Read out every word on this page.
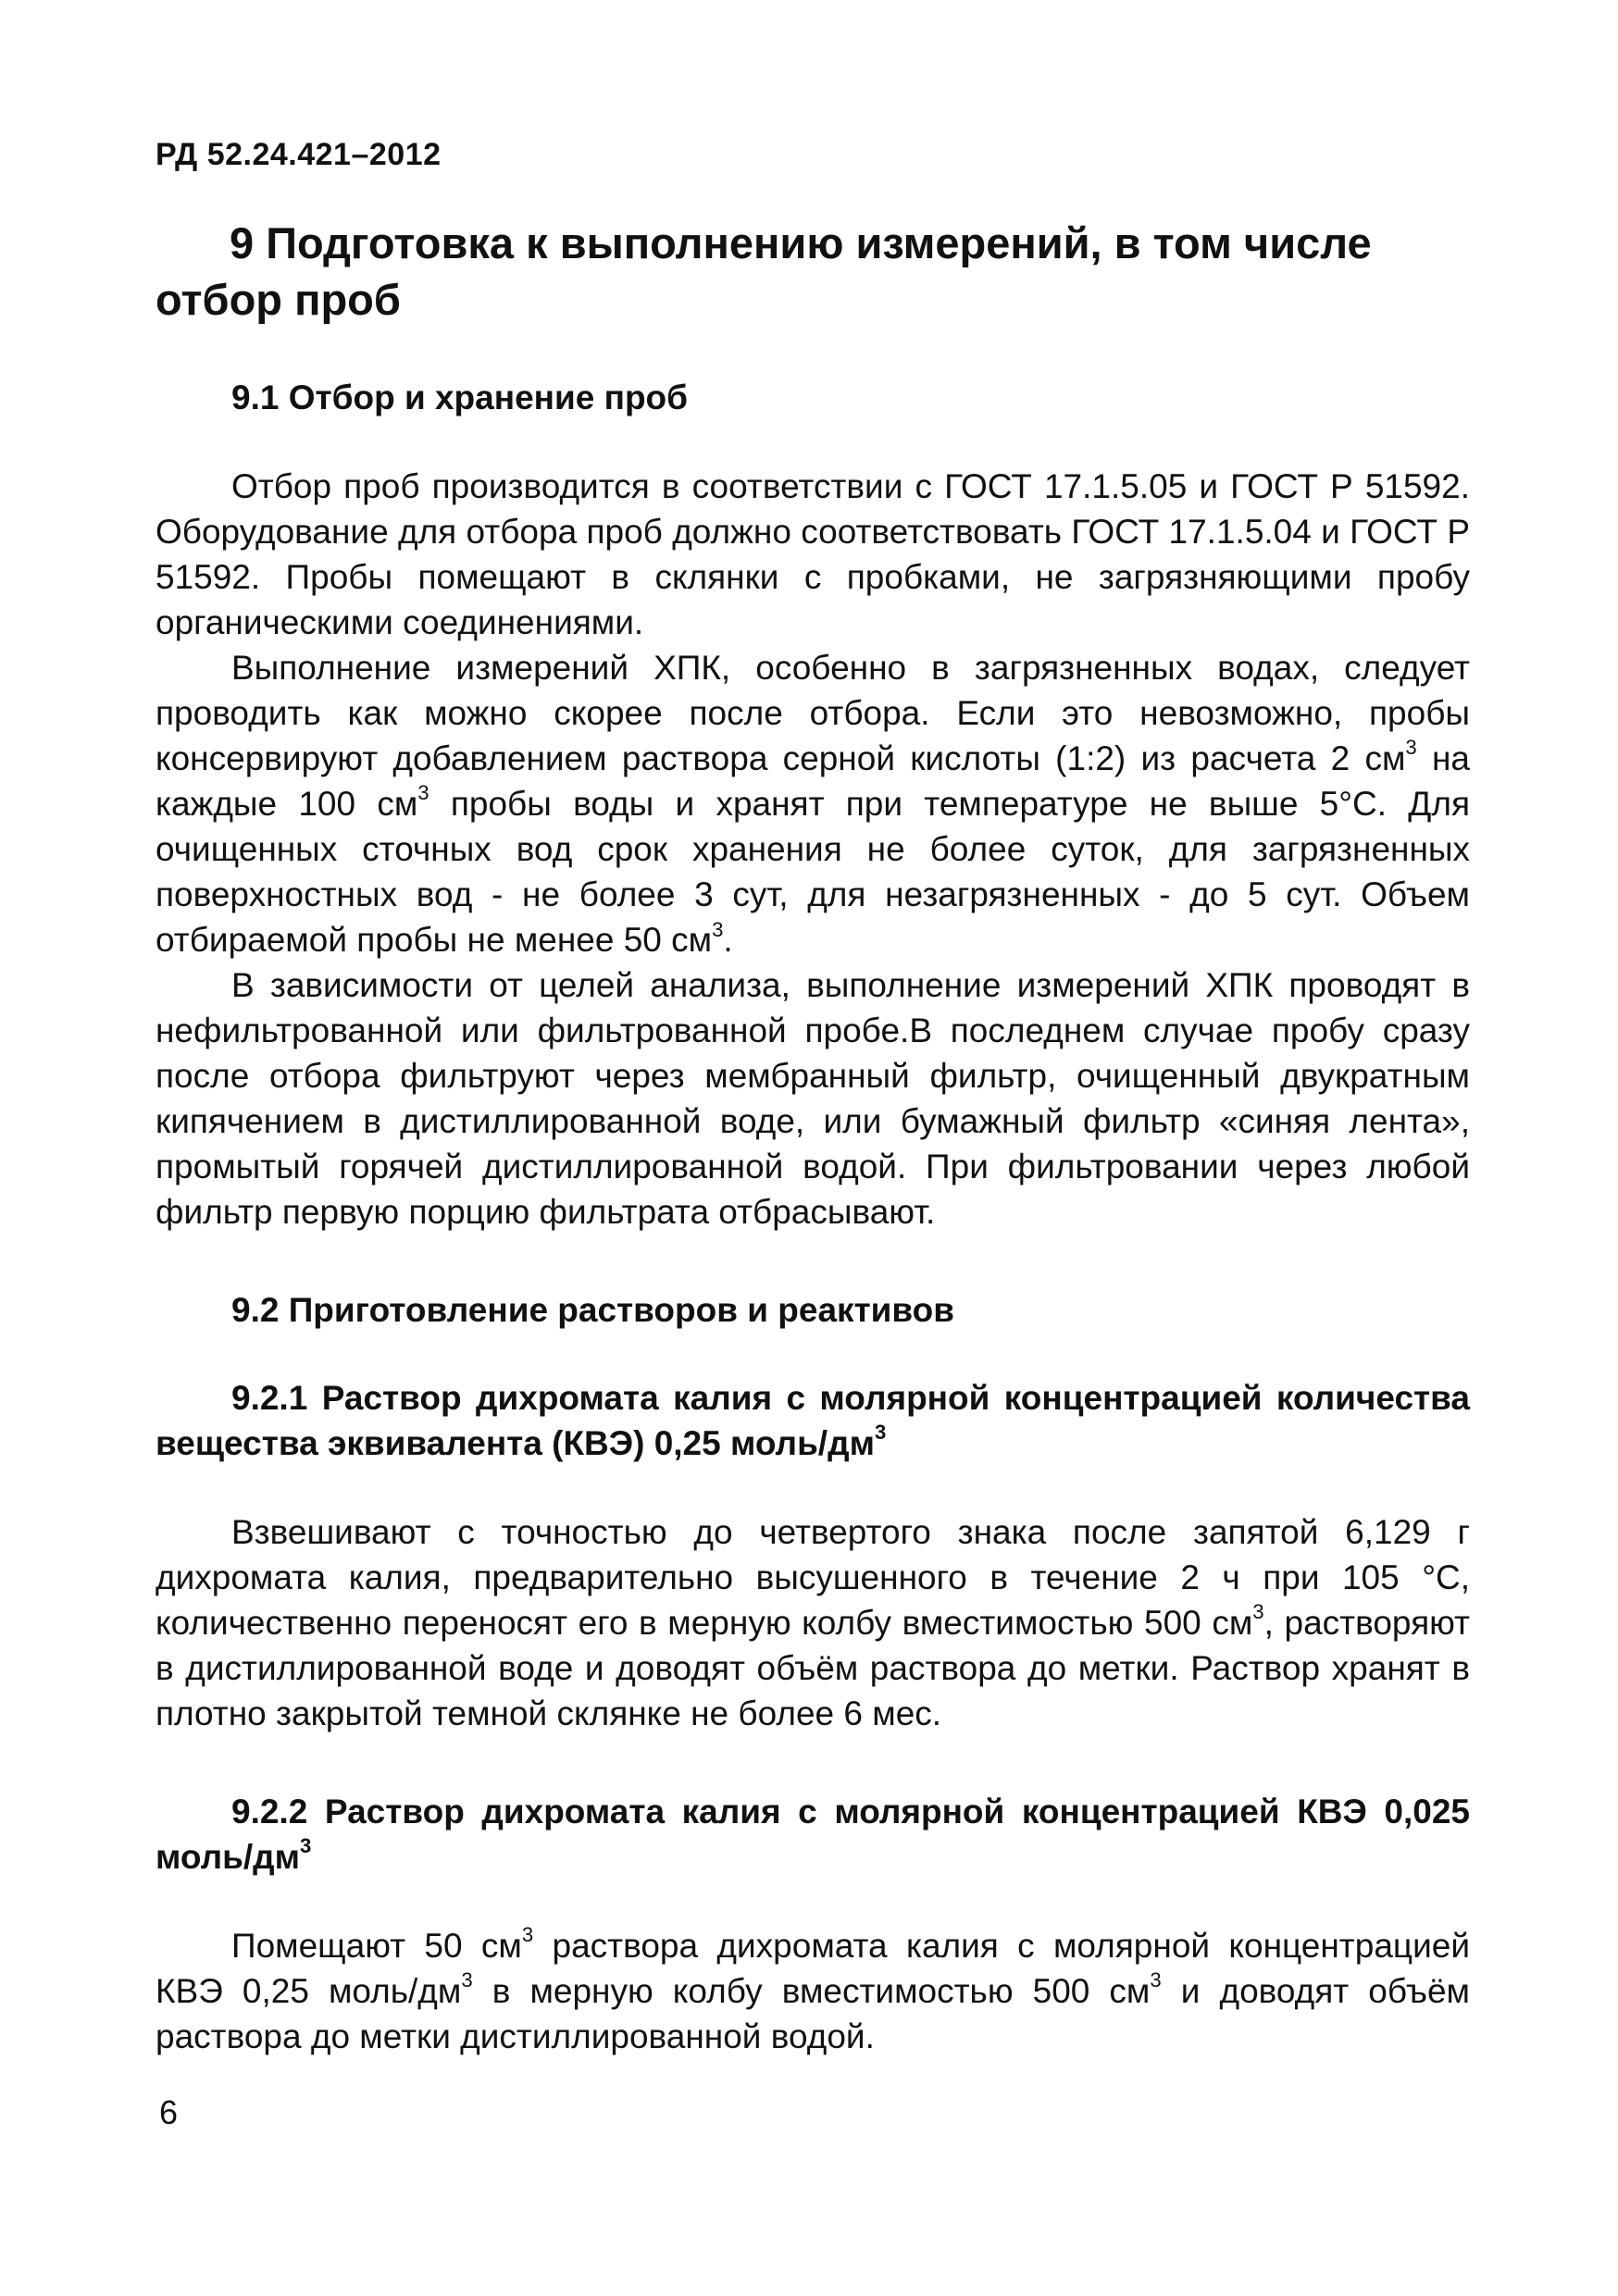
РД 52.24.421–2012
9 Подготовка к выполнению измерений, в том числе отбор проб
9.1 Отбор и хранение проб

Отбор проб производится в соответствии с ГОСТ 17.1.5.05 и ГОСТ Р 51592. Оборудование для отбора проб должно соответствовать ГОСТ 17.1.5.04 и ГОСТ Р 51592. Пробы помещают в склянки с пробками, не загрязняющими пробу органическими соединениями.

Выполнение измерений ХПК, особенно в загрязненных водах, следует проводить как можно скорее после отбора. Если это невозможно, пробы консервируют добавлением раствора серной кислоты (1:2) из расчета 2 $см^3$ на каждые 100 $см^3$ пробы воды и хранят при температуре не выше 5°С. Для очищенных сточных вод срок хранения не более суток, для загрязненных поверхностных вод - не более 3 сут, для незагрязненных - до 5 сут. Объем отбираемой пробы не менее 50 $см^3$.

В зависимости от целей анализа, выполнение измерений ХПК проводят в нефильтрованной или фильтрованной пробе.В последнем случае пробу сразу после отбора фильтруют через мембранный фильтр, очищенный двукратным кипячением в дистиллированной воде, или бумажный фильтр «синяя лента», промытый горячей дистиллированной водой. При фильтровании через любой фильтр первую порцию фильтрата отбрасывают.

9.2 Приготовление растворов и реактивов
9.2.1 Раствор дихромата калия с молярной концентрацией количества вещества эквивалента (КВЭ) 0,25 моль/$дм^3$

Взвешивают с точностью до четвертого знака после запятой 6,129 г дихромата калия, предварительно высушенного в течение 2 ч при 105 °С, количественно переносят его в мерную колбу вместимостью 500 $см^3$, растворяют в дистиллированной воде и доводят объём раствора до метки. Раствор хранят в плотно закрытой темной склянке не более 6 мес.

9.2.2 Раствор дихромата калия с молярной концентрацией КВЭ 0,025 моль/$дм^3$

Помещают 50 $см^3$ раствора дихромата калия с молярной концентрацией КВЭ 0,25 моль/$дм^3$ в мерную колбу вместимостью 500 $см^3$ и доводят объём раствора до метки дистиллированной водой.

6
